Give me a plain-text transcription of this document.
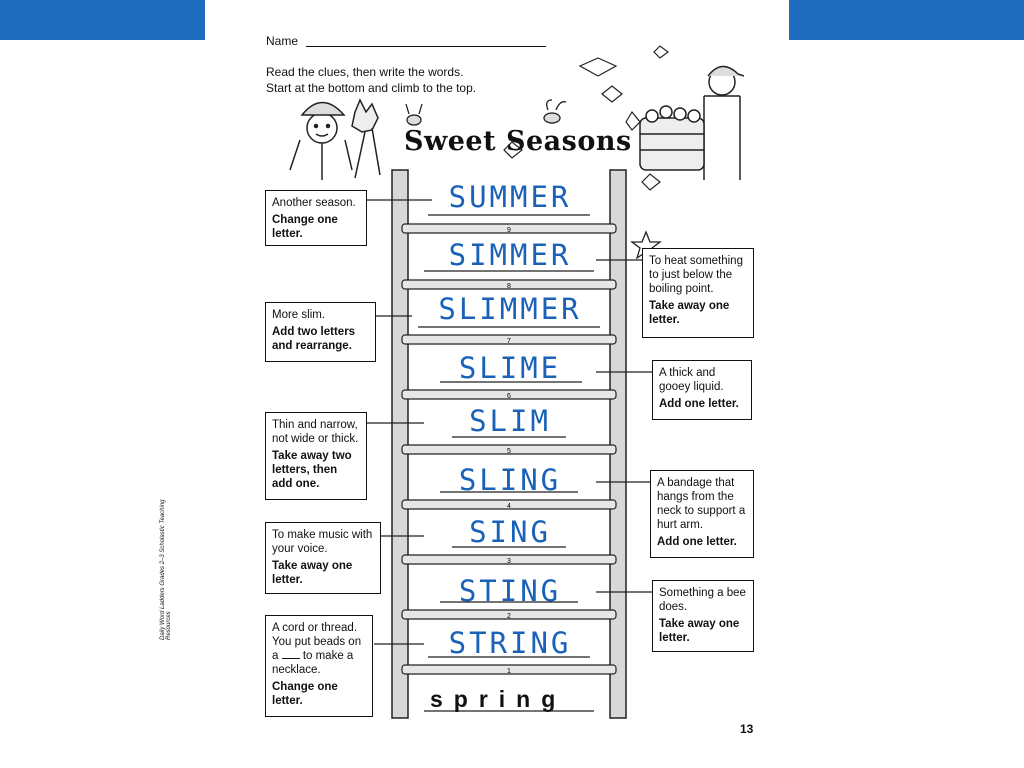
Name
Read the clues, then write the words.
Start at the bottom and climb to the top.
9
8
7
6
5
4
3
2
1
Sweet Seasons
SUMMER
SIMMER
SLIMMER
SLIME
SLIM
SLING
SING
STING
STRING
spring
Another season.
Change one letter.
More slim.
Add two letters and rearrange.
Thin and narrow, not wide or thick.
Take away two letters, then add one.
To make music with your voice.
Take away one letter.
A cord or thread. You put beads on a to make a necklace.
Change one letter.
To heat something to just below the boiling point.
Take away one letter.
A thick and gooey liquid.
Add one letter.
A bandage that hangs from the neck to support a hurt arm.
Add one letter.
Something a bee does.
Take away one letter.
Daily Word Ladders Grades 2–3 Scholastic Teaching Resources
13
